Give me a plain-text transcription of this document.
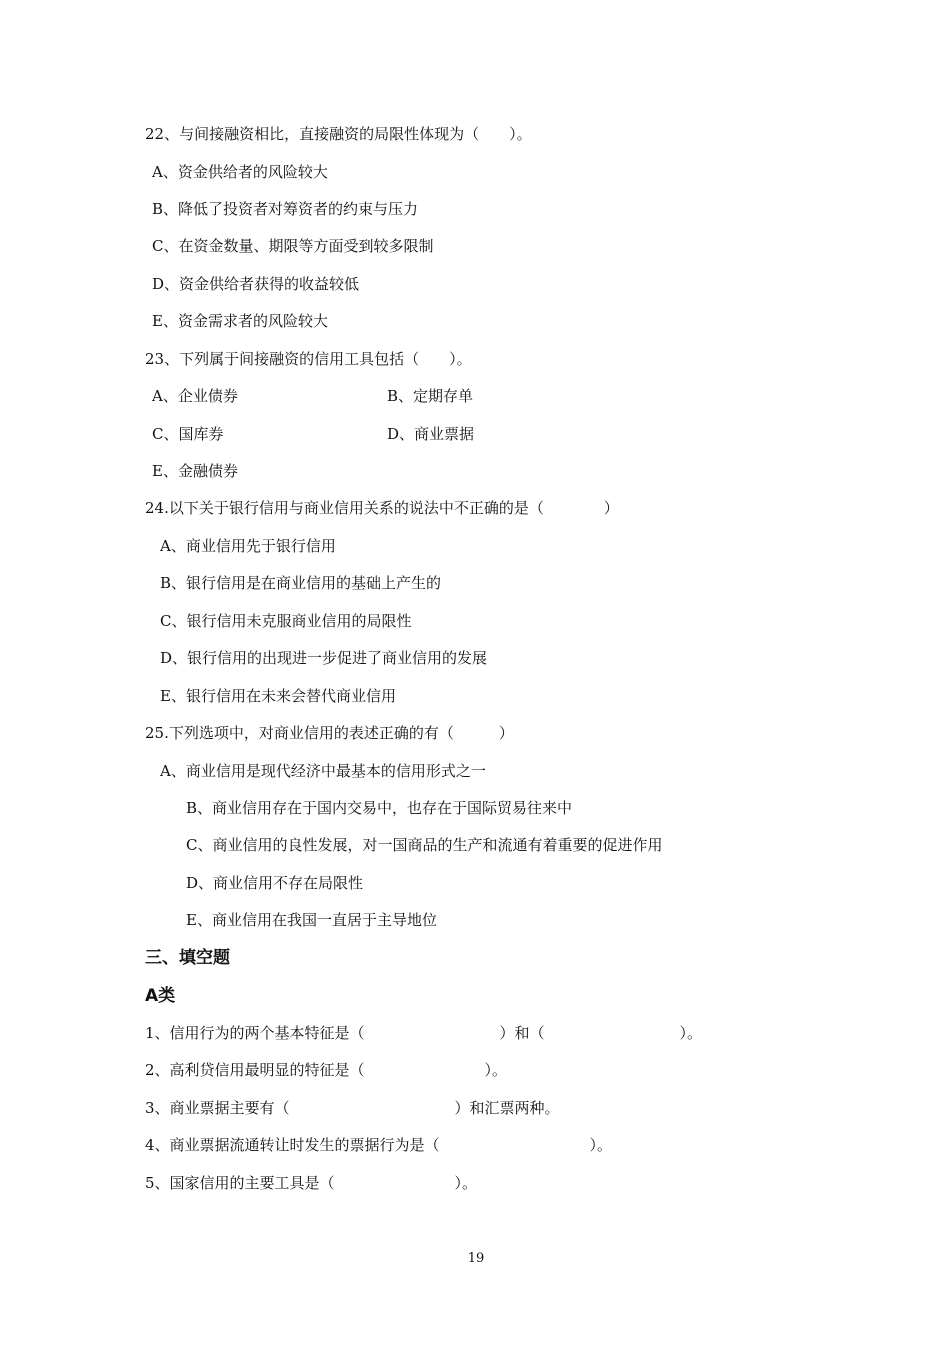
22、与间接融资相比，直接融资的局限性体现为（　　）。
A、资金供给者的风险较大
B、降低了投资者对筹资者的约束与压力
C、在资金数量、期限等方面受到较多限制
D、资金供给者获得的收益较低
E、资金需求者的风险较大
23、下列属于间接融资的信用工具包括（　　）。
A、企业债券	B、定期存单
C、国库券	D、商业票据
E、金融债券
24.以下关于银行信用与商业信用关系的说法中不正确的是（　　　　）
A、商业信用先于银行信用
B、银行信用是在商业信用的基础上产生的
C、银行信用未克服商业信用的局限性
D、银行信用的出现进一步促进了商业信用的发展
E、银行信用在未来会替代商业信用
25.下列选项中，对商业信用的表述正确的有（　　　）
A、商业信用是现代经济中最基本的信用形式之一
B、商业信用存在于国内交易中，也存在于国际贸易往来中
C、商业信用的良性发展，对一国商品的生产和流通有着重要的促进作用
D、商业信用不存在局限性
E、商业信用在我国一直居于主导地位
三、填空题
A类
1、信用行为的两个基本特征是（　　　　　　　　　）和（　　　　　　　　　）。
2、高利贷信用最明显的特征是（　　　　　　　　）。
3、商业票据主要有（　　　　　　　　　　　）和汇票两种。
4、商业票据流通转让时发生的票据行为是（　　　　　　　　　　）。
5、国家信用的主要工具是（　　　　　　　　）。
19
